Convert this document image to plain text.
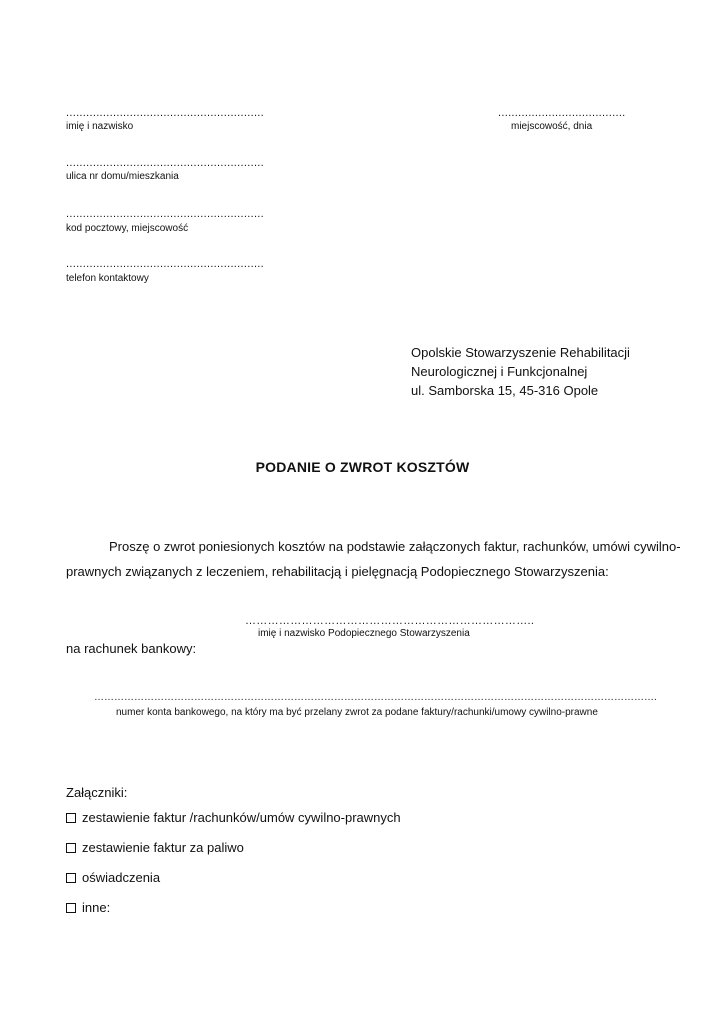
...........................................................
imię i nazwisko
...........................................................
ulica nr domu/mieszkania
...........................................................
kod pocztowy, miejscowość
...........................................................
telefon kontaktowy
......................................
miejscowość, dnia
Opolskie Stowarzyszenie Rehabilitacji
Neurologicznej i Funkcjonalnej
ul. Samborska 15, 45-316 Opole
PODANIE O ZWROT KOSZTÓW
Proszę o zwrot poniesionych kosztów na podstawie załączonych faktur, rachunków, umówi cywilno-
prawnych związanych z leczeniem, rehabilitacją i pielęgnacją Podopiecznego Stowarzyszenia:
…………………………………………………………………..
imię i nazwisko Podopiecznego Stowarzyszenia
na rachunek bankowy:
…………………………………………………………………………………………………………………………………………………….
numer konta bankowego, na który ma być przelany zwrot za podane faktury/rachunki/umowy cywilno-prawne
Załączniki:
zestawienie faktur /rachunków/umów cywilno-prawnych
zestawienie faktur za paliwo
oświadczenia
inne:
